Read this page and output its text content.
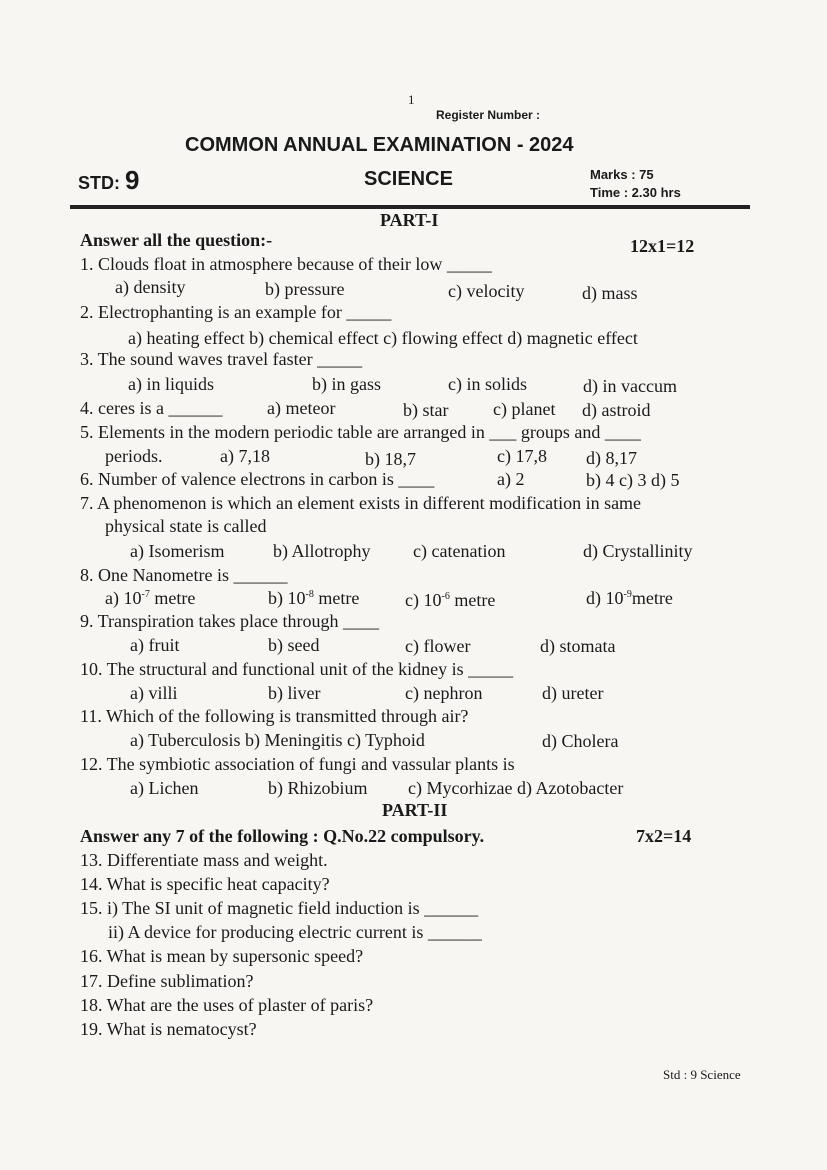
1
Register Number :
COMMON ANNUAL EXAMINATION - 2024
STD: 9	SCIENCE	Marks : 75
Time : 2.30 hrs
PART-I
Answer all the question:-	12x1=12
1. Clouds float in atmosphere because of their low _____
a) density	b) pressure	c) velocity	d) mass
2. Electrophanting is an example for _____
a) heating effect b) chemical effect c) flowing effect d) magnetic effect
3. The sound waves travel faster _____
a) in liquids	b) in gass	c) in solids	d) in vaccum
4. ceres is a ______ a) meteor	b) star c) planet d) astroid
5. Elements in the modern periodic table are arranged in ___ groups and ____
periods.	a) 7,18	b) 18,7	c) 17,8 d) 8,17
6. Number of valence electrons in carbon is ____	a) 2	b) 4 c) 3 d) 5
7. A phenomenon is which an element exists in different modification in same
physical state is called
a) Isomerism	b) Allotrophy c) catenation	d) Crystallinity
8. One Nanometre is ______
9. Transpiration takes place through ____
a) fruit	b) seed	c) flower	d) stomata
10. The structural and functional unit of the kidney is _____
a) villi	b) liver	c) nephron	d) ureter
11. Which of the following is transmitted through air?
a) Tuberculosis b) Meningitis c) Typhoid	d) Cholera
12. The symbiotic association of fungi and vassular plants is
a) Lichen	b) Rhizobium c) Mycorhizae d) Azotobacter
a) $10^{-7}$ metre	b) $10^{-8}$ metre	c) $10^{-6}$ metre	d) $10^{-9}metre$
PART-II
Answer any 7 of the following : Q.No.22 compulsory.	7x2=14
13. Differentiate mass and weight.
14. What is specific heat capacity?
15. i) The SI unit of magnetic field induction is ______
ii) A device for producing electric current is ______
16. What is mean by supersonic speed?
17. Define sublimation?
18. What are the uses of plaster of paris?
19. What is nematocyst?
Std : 9 Science
